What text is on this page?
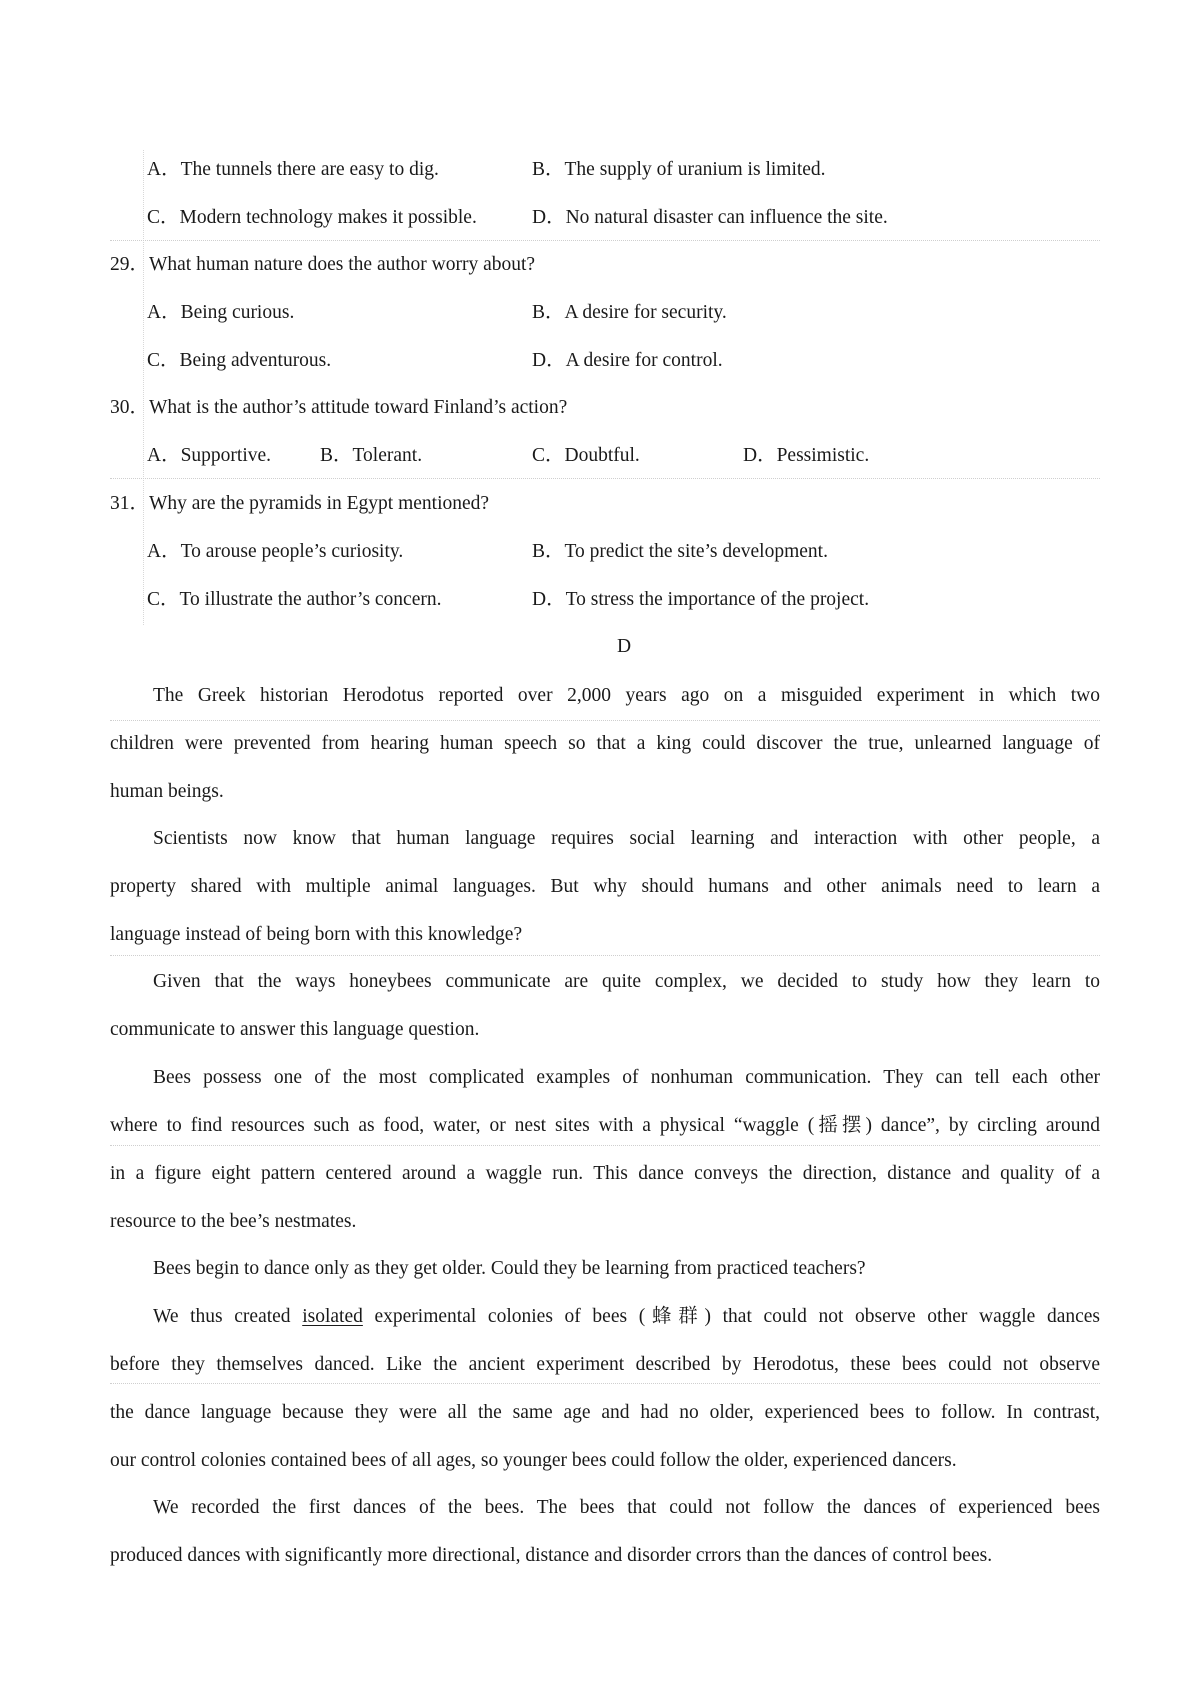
A．The tunnels there are easy to dig.	B．The supply of uranium is limited.
C．Modern technology makes it possible.	D．No natural disaster can influence the site.
29．What human nature does the author worry about?
A．Being curious.	B．A desire for security.
C．Being adventurous.	D．A desire for control.
30．What is the author’s attitude toward Finland’s action?
A．Supportive.	B．Tolerant.	C．Doubtful.	D．Pessimistic.
31．Why are the pyramids in Egypt mentioned?
A．To arouse people’s curiosity.	B．To predict the site’s development.
C．To illustrate the author’s concern.	D．To stress the importance of the project.
D
The Greek historian Herodotus reported over 2,000 years ago on a misguided experiment in which two
children were prevented from hearing human speech so that a king could discover the true, unlearned language of
human beings.
Scientists now know that human language requires social learning and interaction with other people, a
property shared with multiple animal languages. But why should humans and other animals need to learn a
language instead of being born with this knowledge?
Given that the ways honeybees communicate are quite complex, we decided to study how they learn to
communicate to answer this language question.
Bees possess one of the most complicated examples of nonhuman communication. They can tell each other
where to find resources such as food, water, or nest sites with a physical “waggle (摇摆) dance”, by circling around
in a figure eight pattern centered around a waggle run. This dance conveys the direction, distance and quality of a
resource to the bee’s nestmates.
Bees begin to dance only as they get older. Could they be learning from practiced teachers?
We thus created isolated experimental colonies of bees (蜂群) that could not observe other waggle dances
before they themselves danced. Like the ancient experiment described by Herodotus, these bees could not observe
the dance language because they were all the same age and had no older, experienced bees to follow. In contrast,
our control colonies contained bees of all ages, so younger bees could follow the older, experienced dancers.
We recorded the first dances of the bees. The bees that could not follow the dances of experienced bees
produced dances with significantly more directional, distance and disorder crrors than the dances of control bees.
